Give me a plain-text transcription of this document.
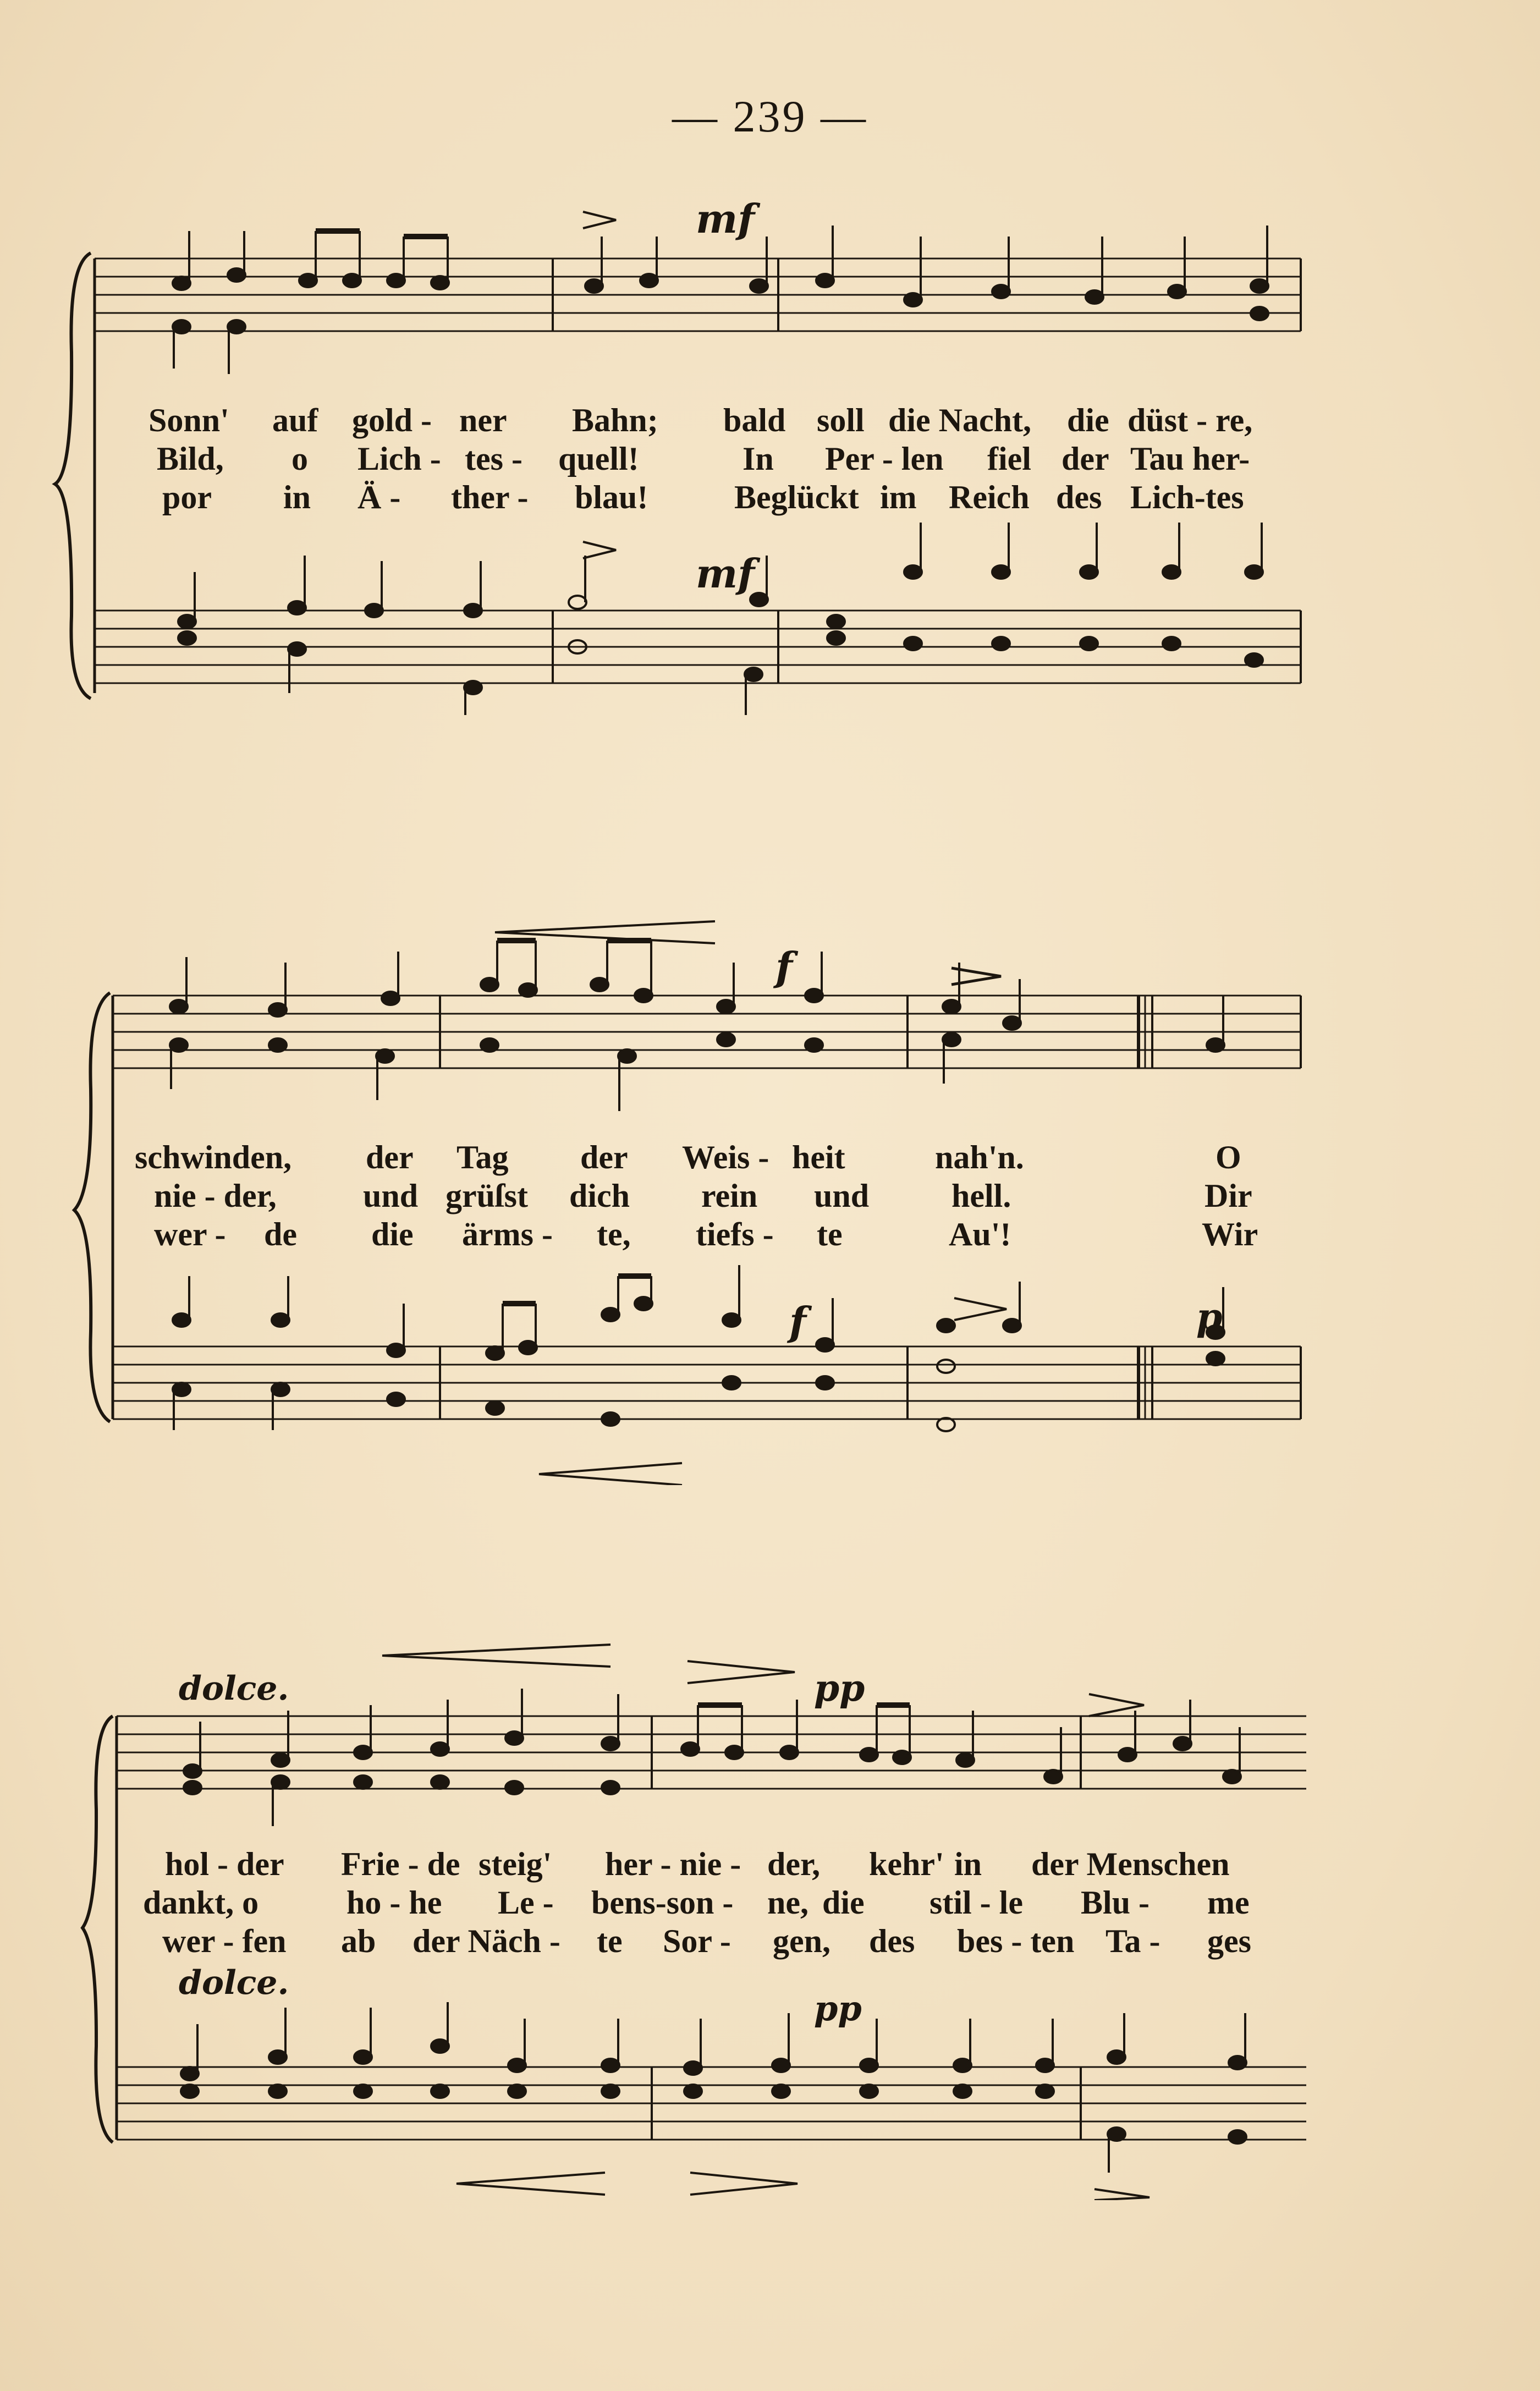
— 239 —
mf
mf
Sonn' auf gold - ner Bahn; bald soll die Nacht, die düst - re,
Bild, o Lich - tes - quell!	In Per - len fiel der Tau her-
por in Ä - ther - blau!	Beglückt im Reich des Lich-tes
f
f	p
schwinden, der Tag der Weis - heit	nah'n.	O
nie - der,	und grüſst dich rein und hell.	Dir
wer - de die ärms - te, tiefs - te	Au'!	Wir
dolce.	pp
dolce.
pp
hol - der Frie - de steig' her - nie - der, kehr' in der Menschen
dankt, o	ho - he Le - bens-son - ne, die stil - le Blu - me
wer - fen ab der Näch - te Sor - gen, des bes - ten Ta - ges
